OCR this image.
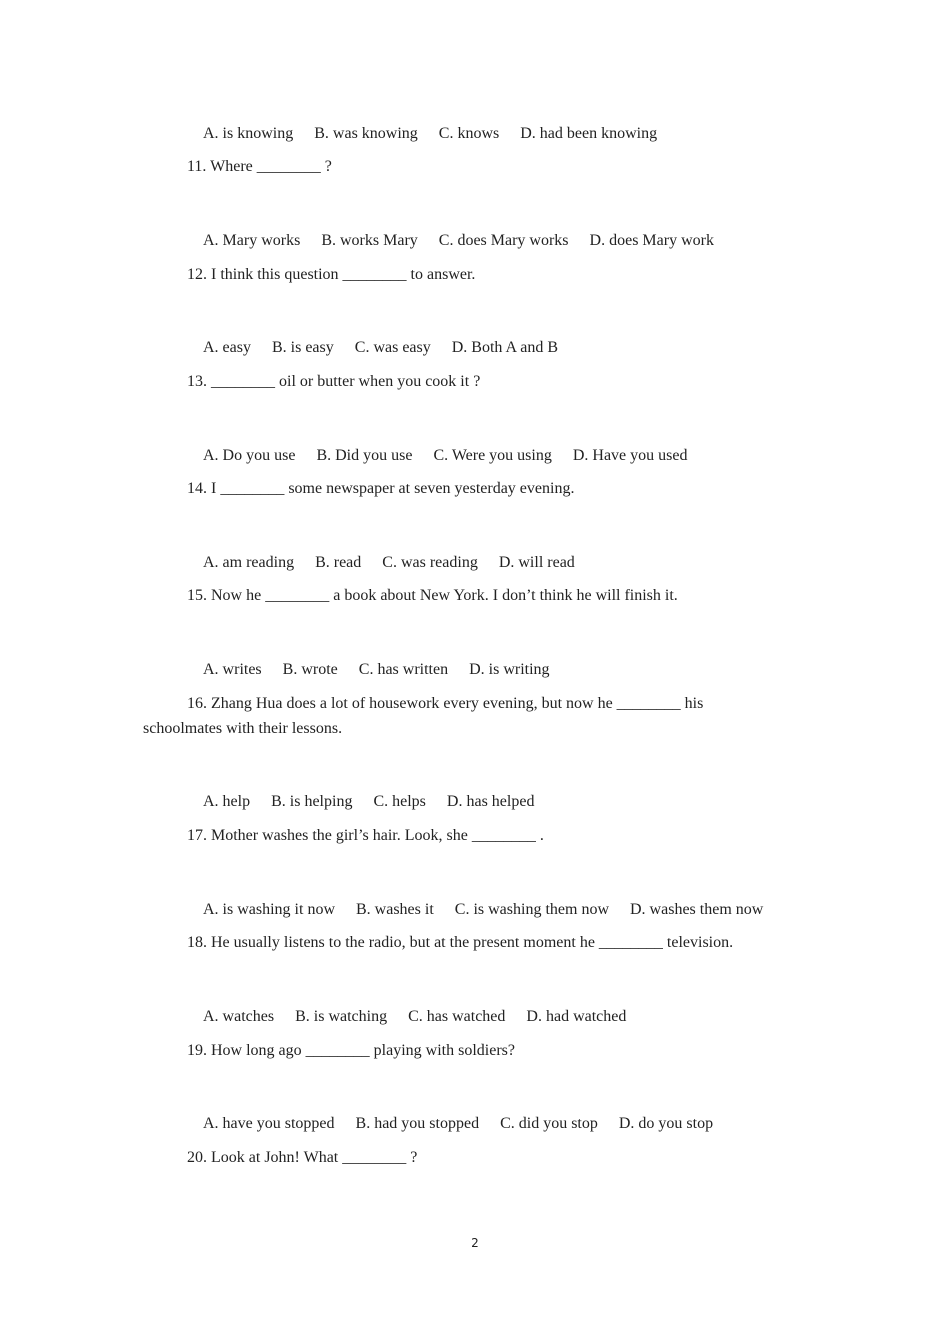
A. is knowing B. was knowing C. knows D. had been knowing

11. Where ________ ?

A. Mary works B. works Mary C. does Mary works D. does Mary work

12. I think this question ________ to answer.

A. easy B. is easy C. was easy D. Both A and B

13. ________ oil or butter when you cook it ?

A. Do you use B. Did you use C. Were you using D. Have you used

14. I ________ some newspaper at seven yesterday evening.

A. am reading B. read C. was reading D. will read

15. Now he ________ a book about New York. I don’t think he will finish it.

A. writes B. wrote C. has written D. is writing

16. Zhang Hua does a lot of housework every evening, but now he ________ his schoolmates with their lessons.

A. help B. is helping C. helps D. has helped

17. Mother washes the girl’s hair. Look, she ________ .

A. is washing it now B. washes it C. is washing them now D. washes them now

18. He usually listens to the radio, but at the present moment he ________ television.

A. watches B. is watching C. has watched D. had watched

19. How long ago ________ playing with soldiers?

A. have you stopped B. had you stopped C. did you stop D. do you stop

20. Look at John! What ________ ?
2
